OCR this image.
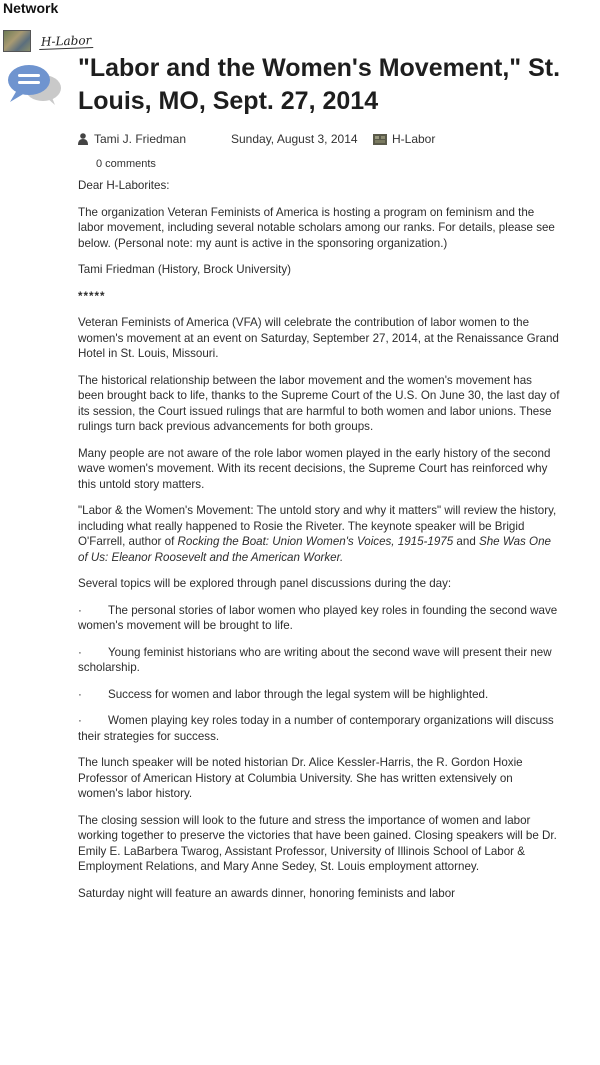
Network
H-Labor
"Labor and the Women's Movement," St. Louis, MO, Sept. 27, 2014
Tami J. Friedman	Sunday, August 3, 2014	H-Labor
0 comments

Dear H-Laborites:

The organization Veteran Feminists of America is hosting a program on feminism and the labor movement, including several notable scholars among our ranks. For details, please see below. (Personal note: my aunt is active in the sponsoring organization.)

Tami Friedman (History, Brock University)

*****

Veteran Feminists of America (VFA) will celebrate the contribution of labor women to the women's movement at an event on Saturday, September 27, 2014, at the Renaissance Grand Hotel in St. Louis, Missouri.

The historical relationship between the labor movement and the women's movement has been brought back to life, thanks to the Supreme Court of the U.S. On June 30, the last day of its session, the Court issued rulings that are harmful to both women and labor unions. These rulings turn back previous advancements for both groups.

Many people are not aware of the role labor women played in the early history of the second wave women's movement. With its recent decisions, the Supreme Court has reinforced why this untold story matters.

"Labor & the Women's Movement: The untold story and why it matters" will review the history, including what really happened to Rosie the Riveter. The keynote speaker will be Brigid O'Farrell, author of Rocking the Boat: Union Women's Voices, 1915-1975 and She Was One of Us: Eleanor Roosevelt and the American Worker.

Several topics will be explored through panel discussions during the day:

· The personal stories of labor women who played key roles in founding the second wave women's movement will be brought to life.

· Young feminist historians who are writing about the second wave will present their new scholarship.

· Success for women and labor through the legal system will be highlighted.

· Women playing key roles today in a number of contemporary organizations will discuss their strategies for success.

The lunch speaker will be noted historian Dr. Alice Kessler-Harris, the R. Gordon Hoxie Professor of American History at Columbia University. She has written extensively on women's labor history.

The closing session will look to the future and stress the importance of women and labor working together to preserve the victories that have been gained. Closing speakers will be Dr. Emily E. LaBarbera Twarog, Assistant Professor, University of Illinois School of Labor & Employment Relations, and Mary Anne Sedey, St. Louis employment attorney.

Saturday night will feature an awards dinner, honoring feminists and labor
